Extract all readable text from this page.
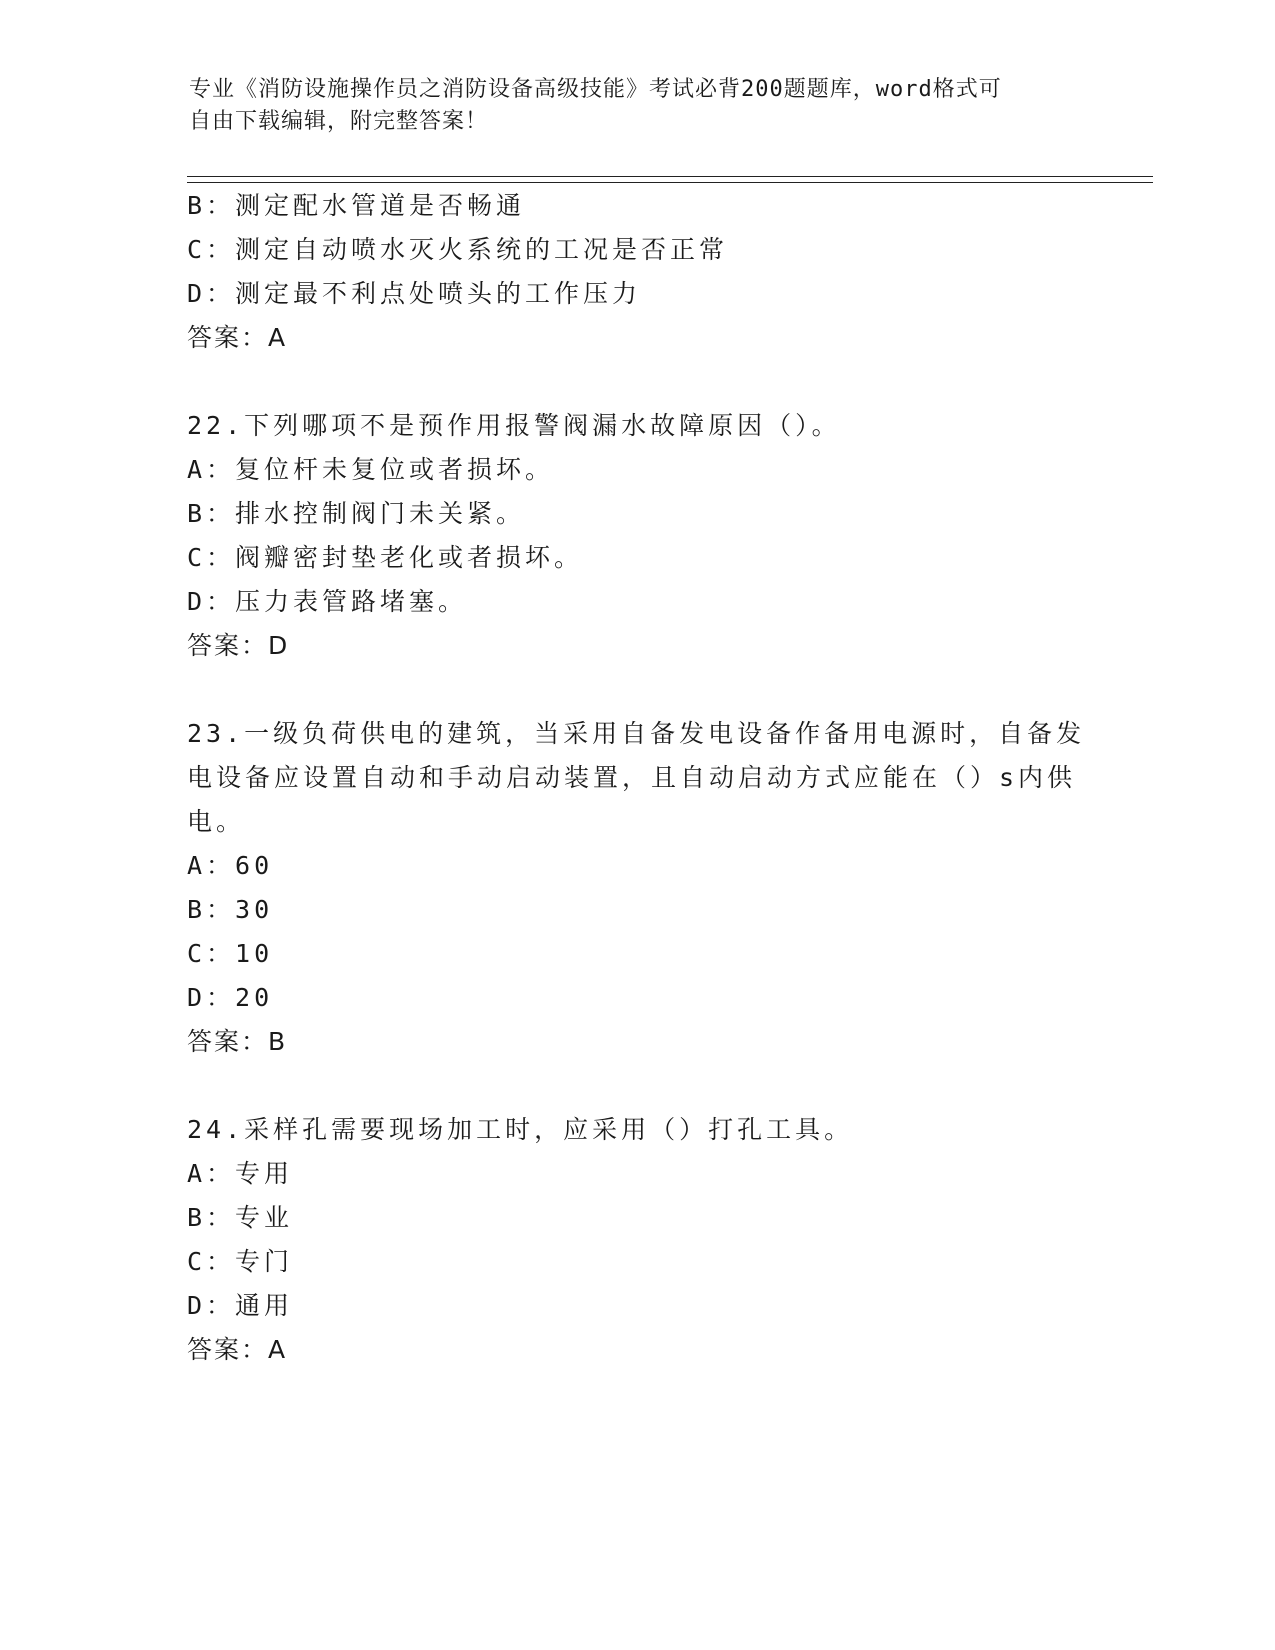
专业《消防设施操作员之消防设备高级技能》考试必背200题题库，word格式可
自由下载编辑，附完整答案！
B：测定配水管道是否畅通
C：测定自动喷水灭火系统的工况是否正常
D：测定最不利点处喷头的工作压力
答案：A
22.下列哪项不是预作用报警阀漏水故障原因（）。
A：复位杆未复位或者损坏。
B：排水控制阀门未关紧。
C：阀瓣密封垫老化或者损坏。
D：压力表管路堵塞。
答案：D
23.一级负荷供电的建筑，当采用自备发电设备作备用电源时，自备发
电设备应设置自动和手动启动装置，且自动启动方式应能在（）s内供
电。
A：60
B：30
C：10
D：20
答案：B
24.采样孔需要现场加工时，应采用（）打孔工具。
A：专用
B：专业
C：专门
D：通用
答案：A
